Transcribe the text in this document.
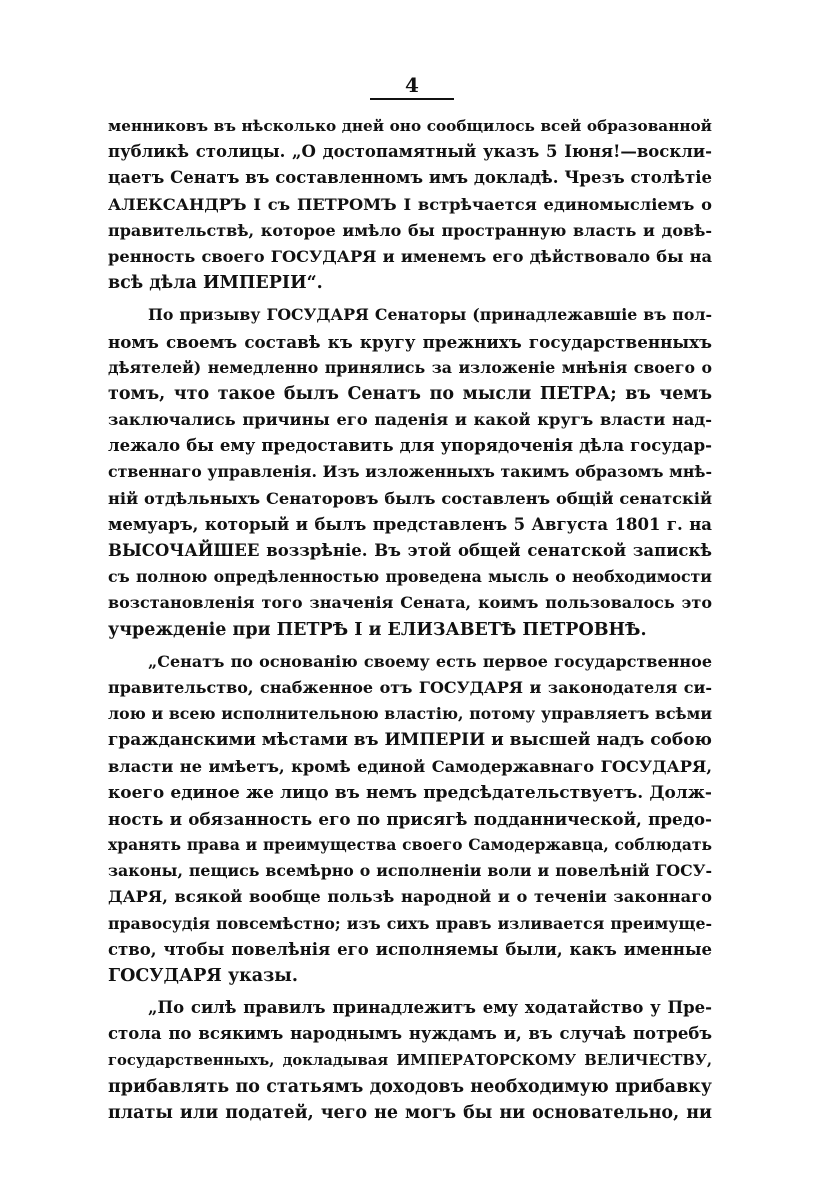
4
менниковъ въ нѣсколько дней оно сообщилось всей образованной
публикѣ столицы. „О достопамятный указъ 5 Іюня!—воскли-
цаетъ Сенатъ въ составленномъ имъ докладѣ. Чрезъ столѣтіе
АЛЕКСАНДРЪ I съ ПЕТРОМЪ I встрѣчается единомысліемъ о
правительствѣ, которое имѣло бы пространную власть и довѣ-
ренность своего ГОСУДАРЯ и именемъ его дѣйствовало бы на
всѣ дѣла ИМПЕРІИ“.
По призыву ГОСУДАРЯ Сенаторы (принадлежавшіе въ пол-
номъ своемъ составѣ къ кругу прежнихъ государственныхъ
дѣятелей) немедленно принялись за изложеніе мнѣнія своего о
томъ, что такое былъ Сенатъ по мысли ПЕТРА; въ чемъ
заключались причины его паденія и какой кругъ власти над-
лежало бы ему предоставить для упорядоченія дѣла государ-
ственнаго управленія. Изъ изложенныхъ такимъ образомъ мнѣ-
ній отдѣльныхъ Сенаторовъ былъ составленъ общій сенатскій
мемуаръ, который и былъ представленъ 5 Августа 1801 г. на
ВЫСОЧАЙШЕЕ воззрѣніе. Въ этой общей сенатской запискѣ
съ полною опредѣленностью проведена мысль о необходимости
возстановленія того значенія Сената, коимъ пользовалось это
учрежденіе при ПЕТРѢ I и ЕЛИЗАВЕТѢ ПЕТРОВНѢ.
„Сенатъ по основанію своему есть первое государственное
правительство, снабженное отъ ГОСУДАРЯ и законодателя си-
лою и всею исполнительною властію, потому управляетъ всѣми
гражданскими мѣстами въ ИМПЕРІИ и высшей надъ собою
власти не имѣетъ, кромѣ единой Самодержавнаго ГОСУДАРЯ,
коего единое же лицо въ немъ предсѣдательствуетъ. Долж-
ность и обязанность его по присягѣ подданнической, предо-
хранять права и преимущества своего Самодержавца, соблюдать
законы, пещись всемѣрно о исполненіи воли и повелѣній ГОСУ-
ДАРЯ, всякой вообще пользѣ народной и о теченіи законнаго
правосудія повсемѣстно; изъ сихъ правъ изливается преимуще-
ство, чтобы повелѣнія его исполняемы были, какъ именные
ГОСУДАРЯ указы.
„По силѣ правилъ принадлежитъ ему ходатайство у Пре-
стола по всякимъ народнымъ нуждамъ и, въ случаѣ потребъ
государственныхъ, докладывая ИМПЕРАТОРСКОМУ ВЕЛИЧЕСТВУ,
прибавлять по статьямъ доходовъ необходимую прибавку
платы или податей, чего не могъ бы ни основательно, ни
